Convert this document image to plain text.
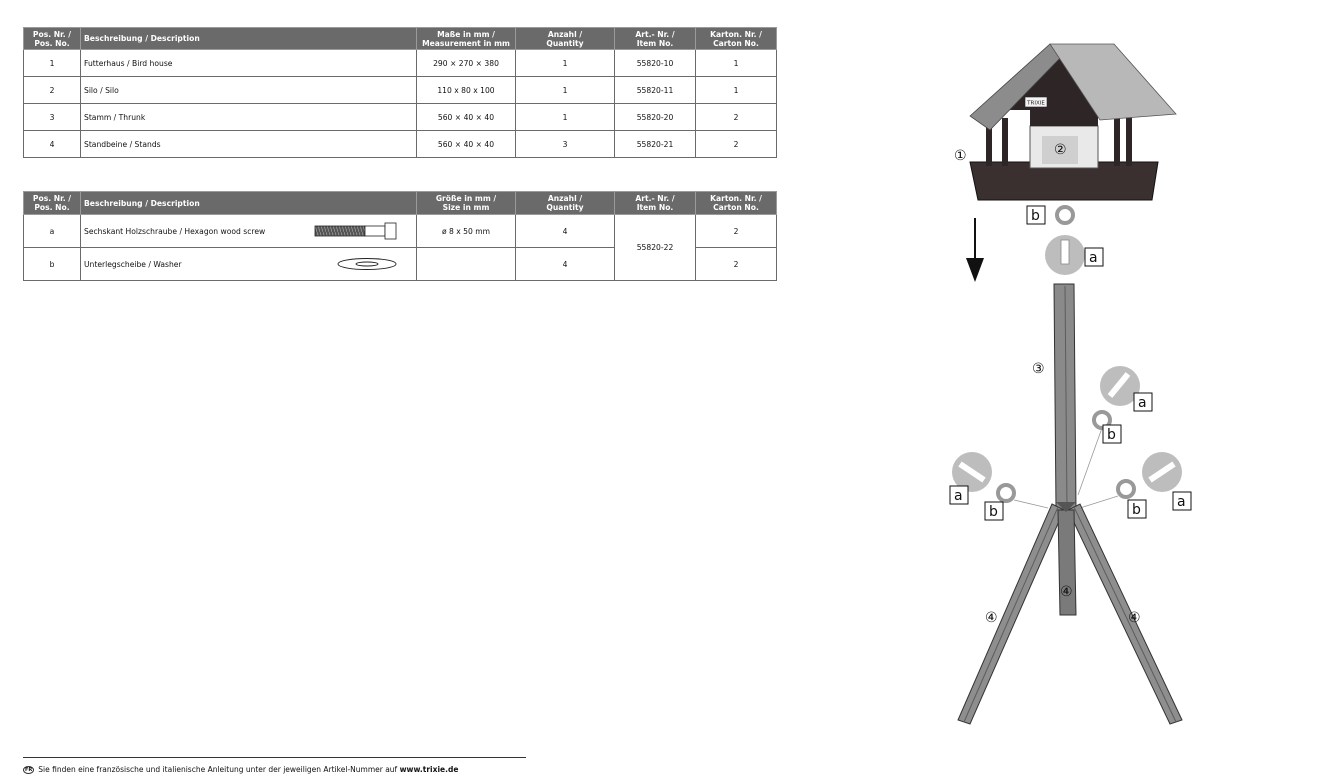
Pos. Nr. /
Pos. No.	Beschreibung / Description	Maße in mm /
Measurement in mm	Anzahl /
Quantity	Art.- Nr. /
Item No.	Karton. Nr. /
Carton No.
1	Futterhaus / Bird house	290 × 270 × 380	1	55820-10	1
2	Silo / Silo	110 x 80 x 100	1	55820-11	1
3	Stamm / Thrunk	560 × 40 × 40	1	55820-20	2
4	Standbeine / Stands	560 × 40 × 40	3	55820-21	2
Pos. Nr. /
Pos. No.	Beschreibung / Description	Größe in mm /
Size in mm	Anzahl /
Quantity	Art.- Nr. /
Item No.	Karton. Nr. /
Carton No.
a	Sechskant Holzschraube / Hexagon wood screw	ø 8 x 50 mm	4	55820-22	2
b	Unterlegscheibe / Washer		4		2
FR Sie finden eine französische und italienische Anleitung unter der jeweiligen Artikel-Nummer auf www.trixie.de
TRIXIE
①	②
b
a
③
a
b
a
b	b	a
④
④	④
